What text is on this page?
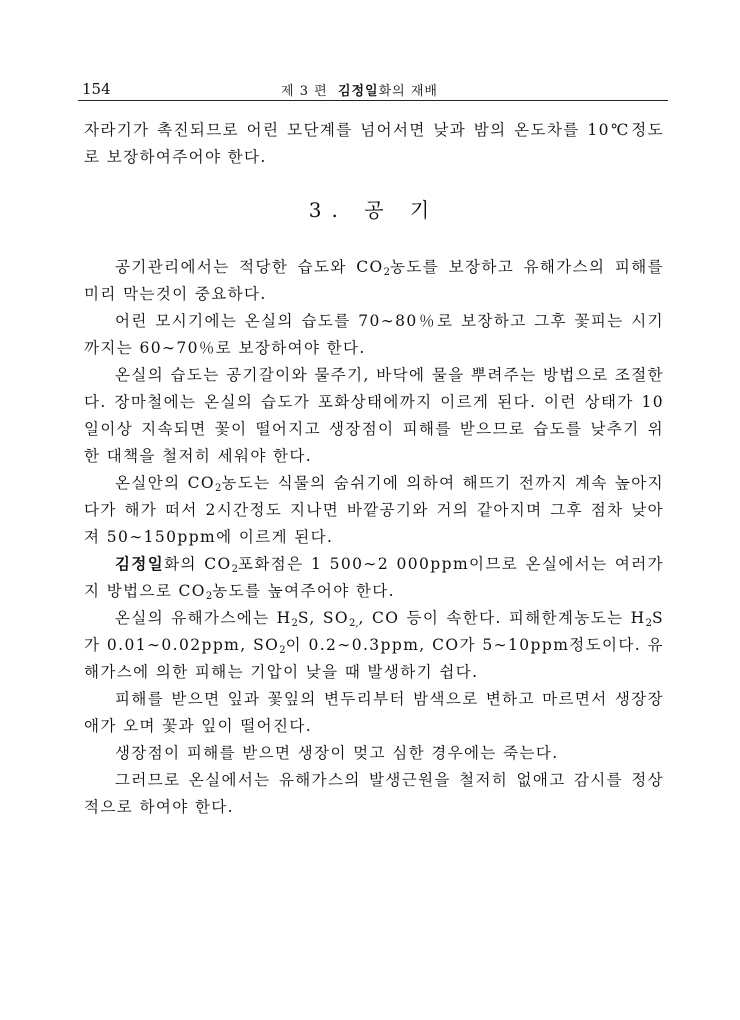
154	제 3 편 김정일화의 재배

자라기가 촉진되므로 어린 모단계를 넘어서면 낮과 밤의 온도차를 10℃정도로 보장하여주어야 한다.

3. 공 기

공기관리에서는 적당한 습도와 $CO_2$농도를 보장하고 유해가스의 피해를 미리 막는것이 중요하다.

어린 모시기에는 온실의 습도를 70∼80％로 보장하고 그후 꽃피는 시기까지는 60∼70％로 보장하여야 한다.

온실의 습도는 공기갈이와 물주기, 바닥에 물을 뿌려주는 방법으로 조절한다. 장마철에는 온실의 습도가 포화상태에까지 이르게 된다. 이런 상태가 10일이상 지속되면 꽃이 떨어지고 생장점이 피해를 받으므로 습도를 낮추기 위한 대책을 철저히 세워야 한다.

온실안의 $CO_2$농도는 식물의 숨쉬기에 의하여 해뜨기 전까지 계속 높아지다가 해가 떠서 2시간정도 지나면 바깥공기와 거의 같아지며 그후 점차 낮아져 50∼150ppm에 이르게 된다.

김정일화의 $CO_2$포화점은 1 500∼2 000ppm이므로 온실에서는 여러가지 방법으로 $CO_2$농도를 높여주어야 한다.

온실의 유해가스에는 $H_2S$, $SO_{2,}$, CO 등이 속한다. 피해한계농도는 $H_2S$가 0.01∼0.02ppm, $SO_2$이 0.2∼0.3ppm, CO가 5∼10ppm정도이다. 유해가스에 의한 피해는 기압이 낮을 때 발생하기 쉽다.

피해를 받으면 잎과 꽃잎의 변두리부터 밤색으로 변하고 마르면서 생장장애가 오며 꽃과 잎이 떨어진다.

생장점이 피해를 받으면 생장이 멎고 심한 경우에는 죽는다.

그러므로 온실에서는 유해가스의 발생근원을 철저히 없애고 감시를 정상적으로 하여야 한다.
